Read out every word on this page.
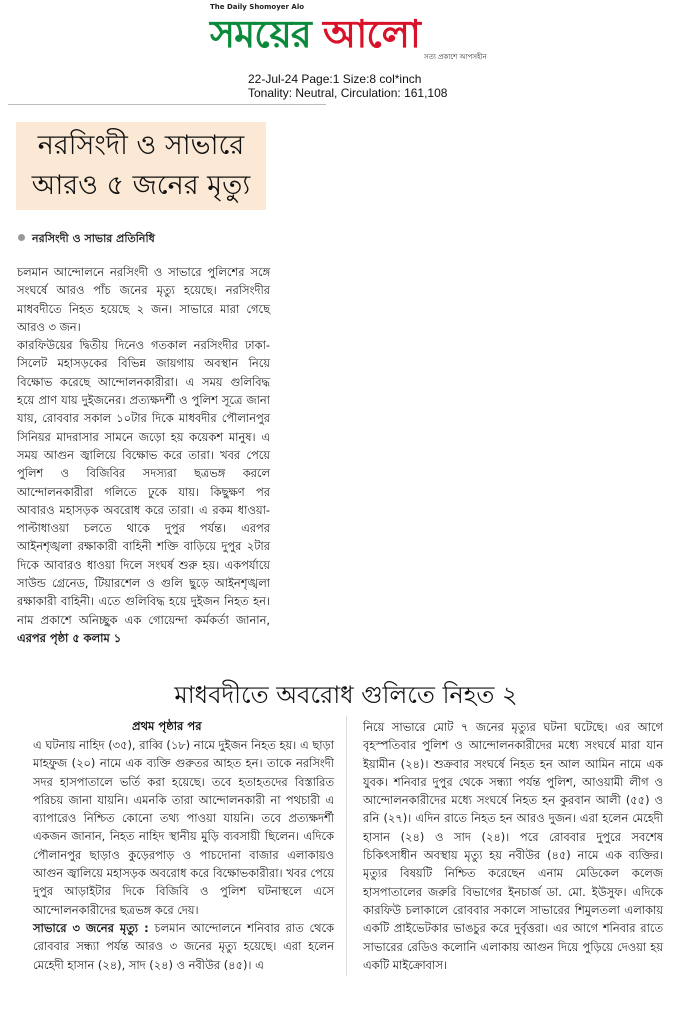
The Daily Shomoyer Alo
সময়ের আলো
সত্য প্রকাশে আপসহীন
22-Jul-24 Page:1 Size:8 col*inch
Tonality: Neutral, Circulation: 161,108
নরসিংদী ও সাভারে
আরও ৫ জনের মৃত্যু
নরসিংদী ও সাভার প্রতিনিধি

চলমান আন্দোলনে নরসিংদী ও সাভারে পুলিশের সঙ্গে সংঘর্ষে আরও পাঁচ জনের মৃত্যু হয়েছে। নরসিংদীর মাধবদীতে নিহত হয়েছে ২ জন। সাভারে মারা গেছে আরও ৩ জন।

কারফিউয়ের দ্বিতীয় দিনেও গতকাল নরসিংদীর ঢাকা-সিলেট মহাসড়কের বিভিন্ন জায়গায় অবস্থান নিয়ে বিক্ষোভ করেছে আন্দোলনকারীরা। এ সময় গুলিবিদ্ধ হয়ে প্রাণ যায় দুইজনের। প্রত্যক্ষদর্শী ও পুলিশ সূত্রে জানা যায়, রোববার সকাল ১০টার দিকে মাধবদীর পৌলানপুর সিনিয়র মাদরাসার সামনে জড়ো হয় কয়েকশ মানুষ। এ সময় আগুন জ্বালিয়ে বিক্ষোভ করে তারা। খবর পেয়ে পুলিশ ও বিজিবির সদস্যরা ছত্রভঙ্গ করলে আন্দোলনকারীরা গলিতে ঢুকে যায়। কিছুক্ষণ পর আবারও মহাসড়ক অবরোধ করে তারা। এ রকম ধাওয়া-পাল্টাধাওয়া চলতে থাকে দুপুর পর্যন্ত। এরপর আইনশৃঙ্খলা রক্ষাকারী বাহিনী শক্তি বাড়িয়ে দুপুর ২টার দিকে আবারও ধাওয়া দিলে সংঘর্ষ শুরু হয়। একপর্যায়ে সাউন্ড গ্রেনেড, টিয়ারশেল ও গুলি ছুড়ে আইনশৃঙ্খলা রক্ষাকারী বাহিনী। এতে গুলিবিদ্ধ হয়ে দুইজন নিহত হন। নাম প্রকাশে অনিচ্ছুক এক গোয়েন্দা কর্মকর্তা জানান, এরপর পৃষ্ঠা ৫ কলাম ১

মাধবদীতে অবরোধ গুলিতে নিহত ২
প্রথম পৃষ্ঠার পর

এ ঘটনায় নাহিদ (৩৫), রাব্বি (১৮) নামে দুইজন নিহত হয়। এ ছাড়া মাহফুজ (২০) নামে এক ব্যক্তি গুরুতর আহত হন। তাকে নরসিংদী সদর হাসপাতালে ভর্তি করা হয়েছে। তবে হতাহতদের বিস্তারিত পরিচয় জানা যায়নি। এমনকি তারা আন্দোলনকারী না পথচারী এ ব্যাপারেও নিশ্চিত কোনো তথ্য পাওয়া যায়নি। তবে প্রত্যক্ষদর্শী একজন জানান, নিহত নাহিদ স্থানীয় মুড়ি ব্যবসায়ী ছিলেন। এদিকে পৌলানপুর ছাড়াও কুড়েরপাড় ও পাচদোনা বাজার এলাকায়ও আগুন জ্বালিয়ে মহাসড়ক অবরোধ করে বিক্ষোভকারীরা। খবর পেয়ে দুপুর আড়াইটার দিকে বিজিবি ও পুলিশ ঘটনাস্থলে এসে আন্দোলনকারীদের ছত্রভঙ্গ করে দেয়।

সাভারে ৩ জনের মৃত্যু : চলমান আন্দোলনে শনিবার রাত থেকে রোববার সন্ধ্যা পর্যন্ত আরও ৩ জনের মৃত্যু হয়েছে। এরা হলেন মেহেদী হাসান (২৪), সাদ (২৪) ও নবীউর (৪৫)। এ

নিয়ে সাভারে মোট ৭ জনের মৃত্যুর ঘটনা ঘটেছে। এর আগে বৃহস্পতিবার পুলিশ ও আন্দোলনকারীদের মধ্যে সংঘর্ষে মারা যান ইয়ামীন (২৪)। শুক্রবার সংঘর্ষে নিহত হন আল আমিন নামে এক যুবক। শনিবার দুপুর থেকে সন্ধ্যা পর্যন্ত পুলিশ, আওয়ামী লীগ ও আন্দোলনকারীদের মধ্যে সংঘর্ষে নিহত হন কুরবান আলী (৫৫) ও রনি (২৭)। এদিন রাতে নিহত হন আরও দুজন। এরা হলেন মেহেদী হাসান (২৪) ও সাদ (২৪)। পরে রোববার দুপুরে সবশেষ চিকিৎসাধীন অবস্থায় মৃত্যু হয় নবীউর (৪৫) নামে এক ব্যক্তির। মৃত্যুর বিষয়টি নিশ্চিত করেছেন এনাম মেডিকেল কলেজ হাসপাতালের জরুরি বিভাগের ইনচার্জ ডা. মো. ইউসুফ। এদিকে কারফিউ চলাকালে রোববার সকালে সাভারের শিমুলতলা এলাকায় একটি প্রাইভেটকার ভাঙচুর করে দুর্বৃত্তরা। এর আগে শনিবার রাতে সাভারের রেডিও কলোনি এলাকায় আগুন দিয়ে পুড়িয়ে দেওয়া হয় একটি মাইক্রোবাস।
